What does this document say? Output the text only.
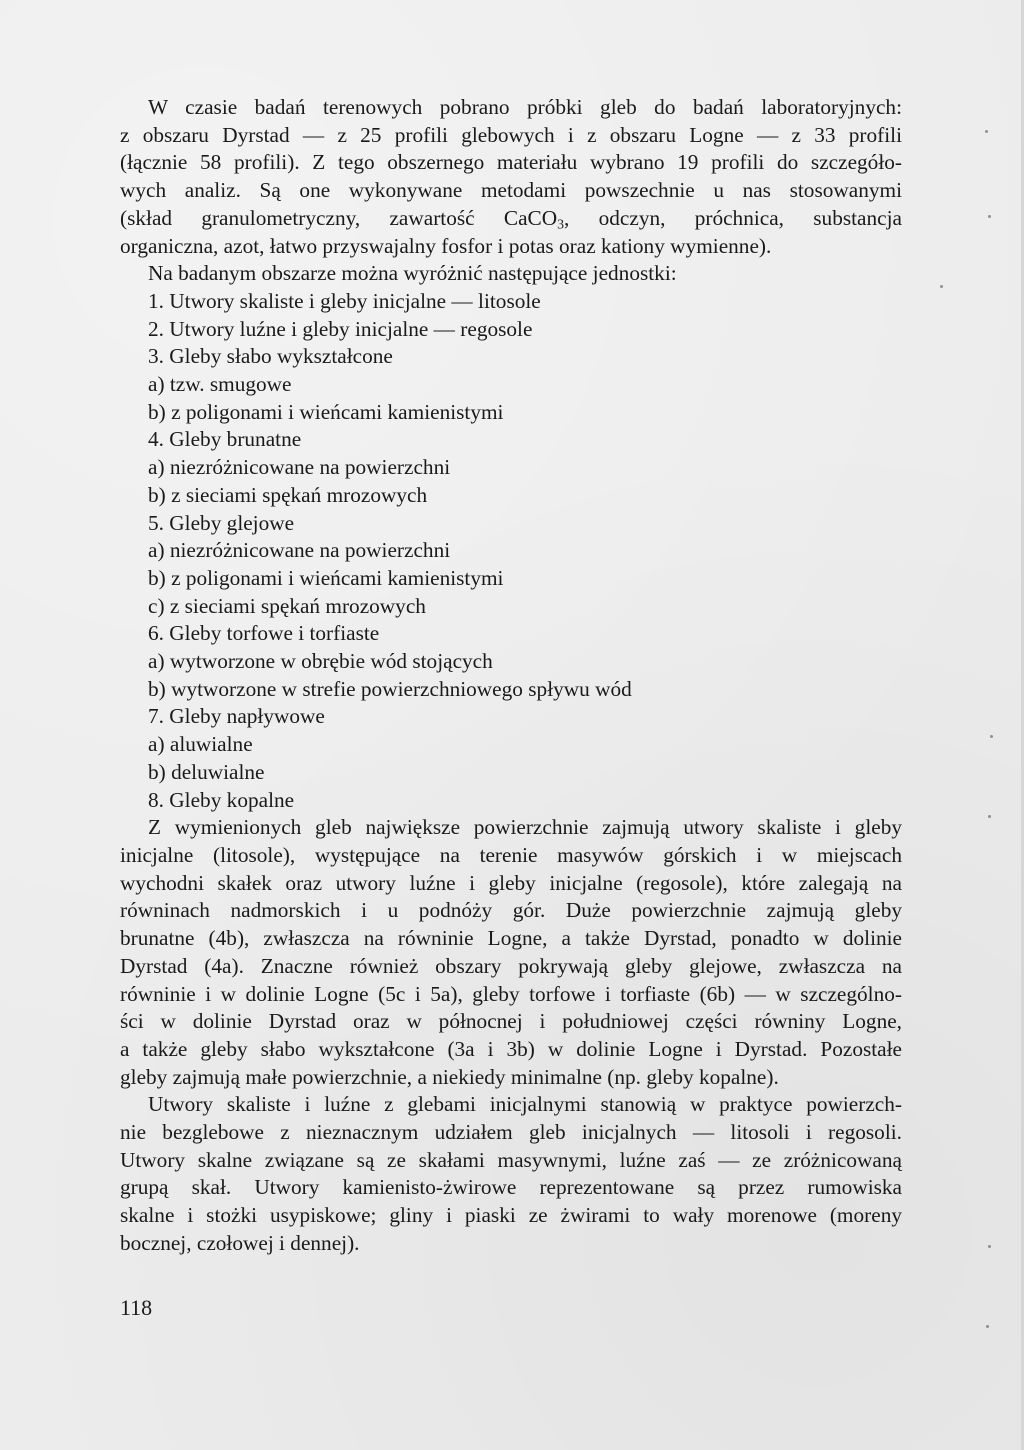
W czasie badań terenowych pobrano próbki gleb do badań laboratoryjnych:
z obszaru Dyrstad — z 25 profili glebowych i z obszaru Logne — z 33 profili
(łącznie 58 profili). Z tego obszernego materiału wybrano 19 profili do szczegóło-
wych analiz. Są one wykonywane metodami powszechnie u nas stosowanymi
(skład granulometryczny, zawartość CaCO$_3$, odczyn, próchnica, substancja
organiczna, azot, łatwo przyswajalny fosfor i potas oraz kationy wymienne).
Na badanym obszarze można wyróżnić następujące jednostki:
1. Utwory skaliste i gleby inicjalne — litosole
2. Utwory luźne i gleby inicjalne — regosole
3. Gleby słabo wykształcone
a) tzw. smugowe
b) z poligonami i wieńcami kamienistymi
4. Gleby brunatne
a) niezróżnicowane na powierzchni
b) z sieciami spękań mrozowych
5. Gleby glejowe
a) niezróżnicowane na powierzchni
b) z poligonami i wieńcami kamienistymi
c) z sieciami spękań mrozowych
6. Gleby torfowe i torfiaste
a) wytworzone w obrębie wód stojących
b) wytworzone w strefie powierzchniowego spływu wód
7. Gleby napływowe
a) aluwialne
b) deluwialne
8. Gleby kopalne
Z wymienionych gleb największe powierzchnie zajmują utwory skaliste i gleby
inicjalne (litosole), występujące na terenie masywów górskich i w miejscach
wychodni skałek oraz utwory luźne i gleby inicjalne (regosole), które zalegają na
równinach nadmorskich i u podnóży gór. Duże powierzchnie zajmują gleby
brunatne (4b), zwłaszcza na równinie Logne, a także Dyrstad, ponadto w dolinie
Dyrstad (4a). Znaczne również obszary pokrywają gleby glejowe, zwłaszcza na
równinie i w dolinie Logne (5c i 5a), gleby torfowe i torfiaste (6b) — w szczególno-
ści w dolinie Dyrstad oraz w północnej i południowej części równiny Logne,
a także gleby słabo wykształcone (3a i 3b) w dolinie Logne i Dyrstad. Pozostałe
gleby zajmują małe powierzchnie, a niekiedy minimalne (np. gleby kopalne).
Utwory skaliste i luźne z glebami inicjalnymi stanowią w praktyce powierzch-
nie bezglebowe z nieznacznym udziałem gleb inicjalnych — litosoli i regosoli.
Utwory skalne związane są ze skałami masywnymi, luźne zaś — ze zróżnicowaną
grupą skał. Utwory kamienisto-żwirowe reprezentowane są przez rumowiska
skalne i stożki usypiskowe; gliny i piaski ze żwirami to wały morenowe (moreny
bocznej, czołowej i dennej).
118
